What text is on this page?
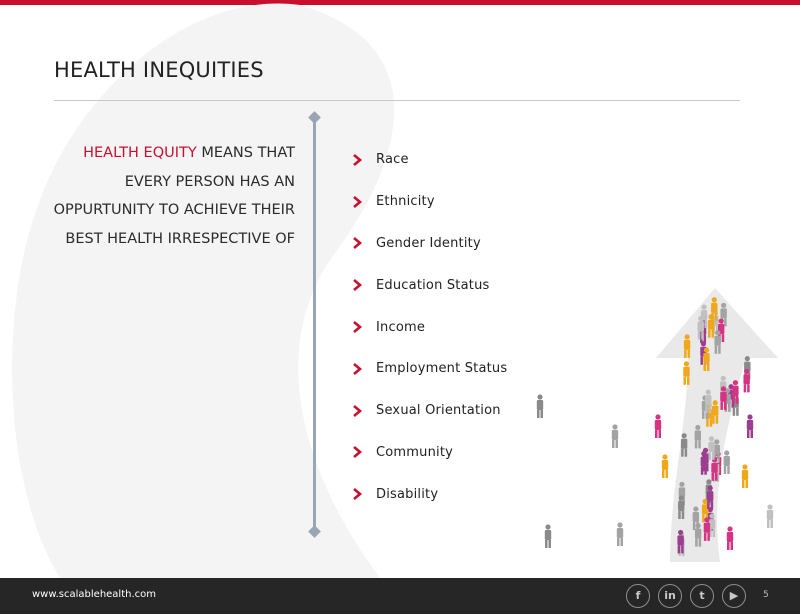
HEALTH INEQUITIES
HEALTH EQUITY MEANS THAT
EVERY PERSON HAS AN
OPPURTUNITY TO ACHIEVE THEIR
BEST HEALTH IRRESPECTIVE OF
Race
Ethnicity
Gender Identity
Education Status
Income
Employment Status
Sexual Orientation
Community
Disability
www.scalablehealth.com	f	in	t	▶	5
